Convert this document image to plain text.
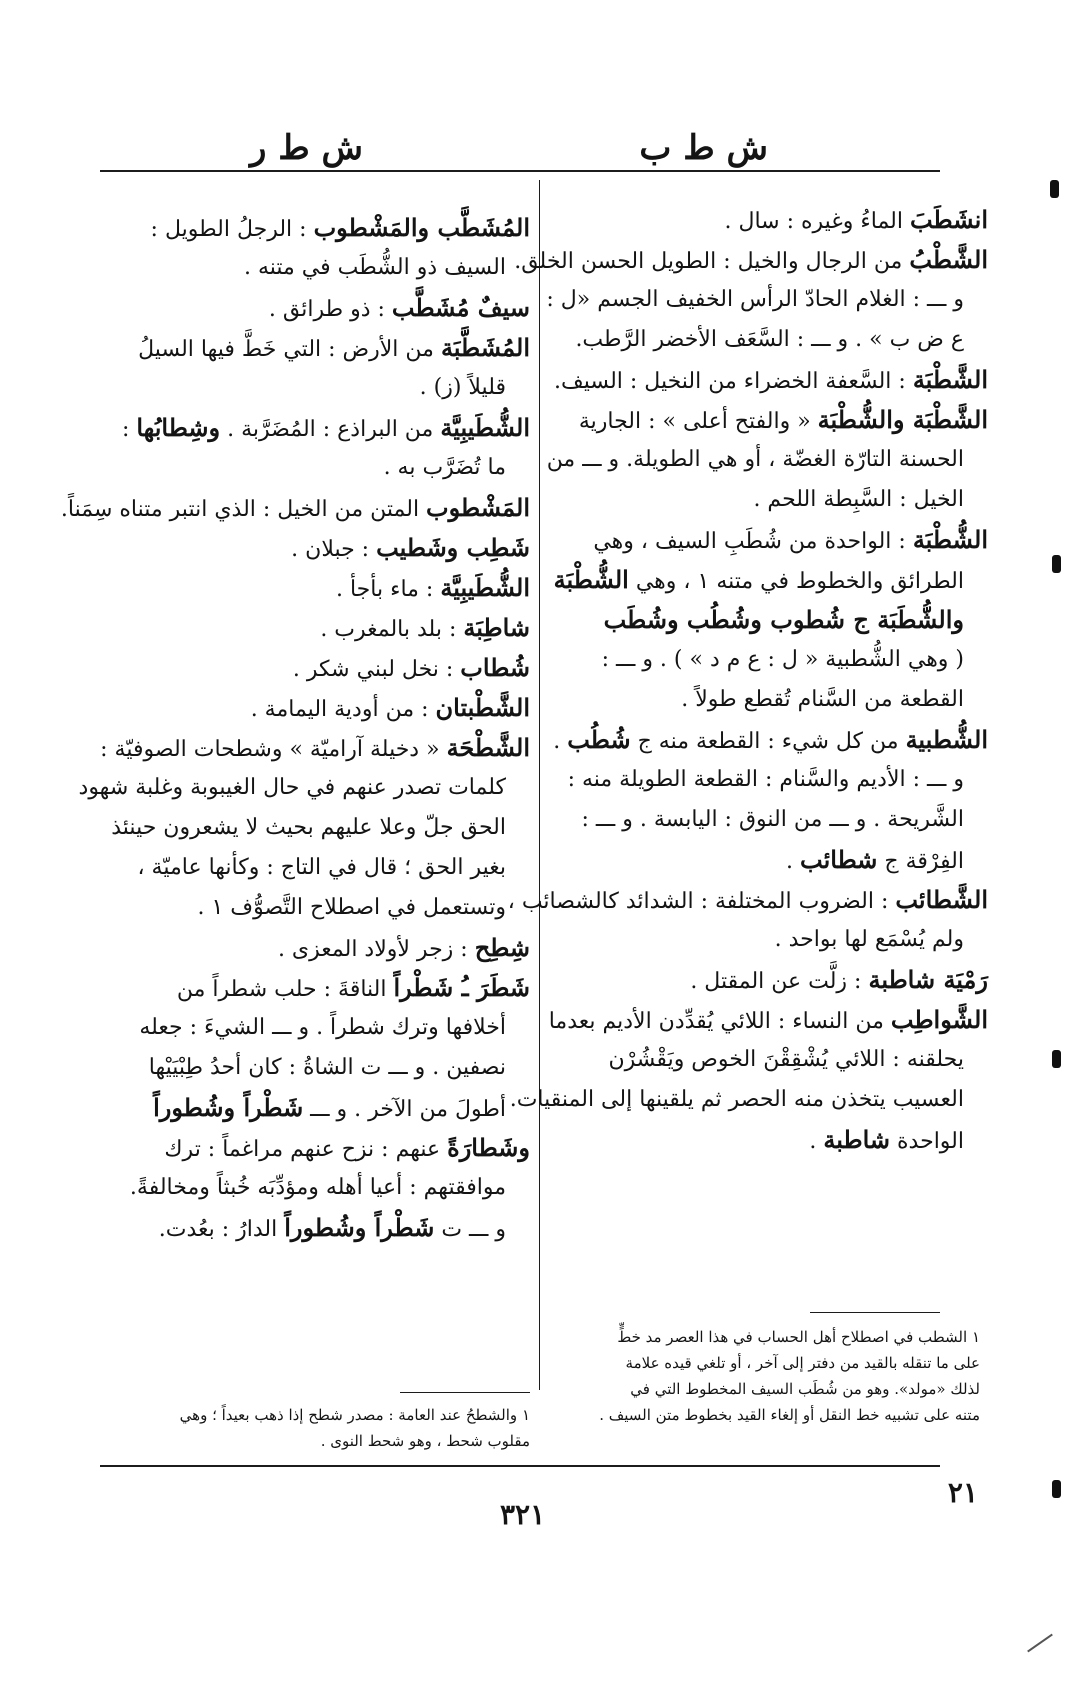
ش ط ب
ش ط ر
انشَطَبَ الماءُ وغيره : سال .
الشَّطْبُ من الرجال والخيل : الطويل الحسن الخلق.
و ـــ : الغلام الحادّ الرأس الخفيف الجسم «ل :
ع ض ب » . و ـــ : السَّعَف الأخضر الرَّطب.
الشَّطْبَة : السَّعفة الخضراء من النخيل : السيف.
الشَّطْبَة والشُّطْبَة « والفتح أعلى » : الجارية
الحسنة التارّة الغضّة ، أو هي الطويلة. و ـــ من
الخيل : السَّبِطة اللحم .
الشُّطْبَة : الواحدة من شُطَبِ السيف ، وهي
الطرائق والخطوط في متنه ١ ، وهي الشُّطْبَة
والشُّطَبَة ج شُطوب وشُطُب وشُطَب
( وهي الشُّطبية « ل : ع م د » ) . و ـــ :
القطعة من السَّنام تُقطع طولاً .
الشُّطبية من كل شيء : القطعة منه ج شُطُب .
و ـــ : الأديم والسَّنام : القطعة الطويلة منه :
الشَّريحة . و ـــ من النوق : اليابسة . و ـــ :
الفِرْقة ج شطائب .
الشَّطائب : الضروب المختلفة : الشدائد كالشصائب ،
ولم يُسْمَع لها بواحد .
رَمْيَة شاطبة : زلَّت عن المقتل .
الشَّواطِب من النساء : اللائي يُقدِّدن الأديم بعدما
يحلقنه : اللائي يُشْقِقْنَ الخوص ويَقْشُرْن
العسيب يتخذن منه الحصر ثم يلقينها إلى المنقيات.
الواحدة شاطبة .
المُشَطَّب والمَشْطوب : الرجلُ الطويل :
السيف ذو الشُّطَب في متنه .
سيفٌ مُشَطَّب : ذو طرائق .
المُشَطَّبَة من الأرض : التي خَطَّ فيها السيلُ
قليلاً (ز) .
الشُّطَيبِيَّة من البراذع : المُضَرَّبة . وشِطابُها :
ما تُضَرَّب به .
المَشْطوب المتن من الخيل : الذي انتبر متناه سِمَناً.
شَطِب وشَطيب : جبلان .
الشُّطَيبِيَّة : ماء بأجأ .
شاطِبَة : بلد بالمغرب .
شُطاب : نخل لبني شكر .
الشَّطْبتان : من أودية اليمامة .
الشَّطْحَة « دخيلة آراميّة » وشطحات الصوفيّة :
كلمات تصدر عنهم في حال الغيبوبة وغلبة شهود
الحق جلّ وعلا عليهم بحيث لا يشعرون حينئذ
بغير الحق ؛ قال في التاج : وكأنها عاميّة ،
وتستعمل في اصطلاح التَّصوُّف ١ .
شِطِح : زجر لأولاد المعزى .
شَطَرَ ـُ شَطْراً الناقةَ : حلب شطراً من
أخلافها وترك شطراً . و ـــ الشيءَ : جعله
نصفين . و ـــ ت الشاةُ : كان أحدُ طِبْيَيْها
أطولَ من الآخر . و ـــ شَطْراً وشُطوراً
وشَطارَةً عنهم : نزح عنهم مراغماً : ترك
موافقتهم : أعيا أهله ومؤدِّبَه خُبثاً ومخالفةً.
و ـــ ت شَطْراً وشُطوراً الدارُ : بعُدت.
١ الشطب في اصطلاح أهل الحساب في هذا العصر مد خطٍّ
على ما تنقله بالقيد من دفتر إلى آخر ، أو تلغي قيده علامة
لذلك «مولد». وهو من شُطَب السيف المخطوط التي في
متنه على تشبيه خط النقل أو إلغاء القيد بخطوط متن السيف .
١ والشطحُ عند العامة : مصدر شطح إذا ذهب بعيداً ؛ وهي
مقلوب شحط ، وهو شحط النوى .
٢١
٣٢١
